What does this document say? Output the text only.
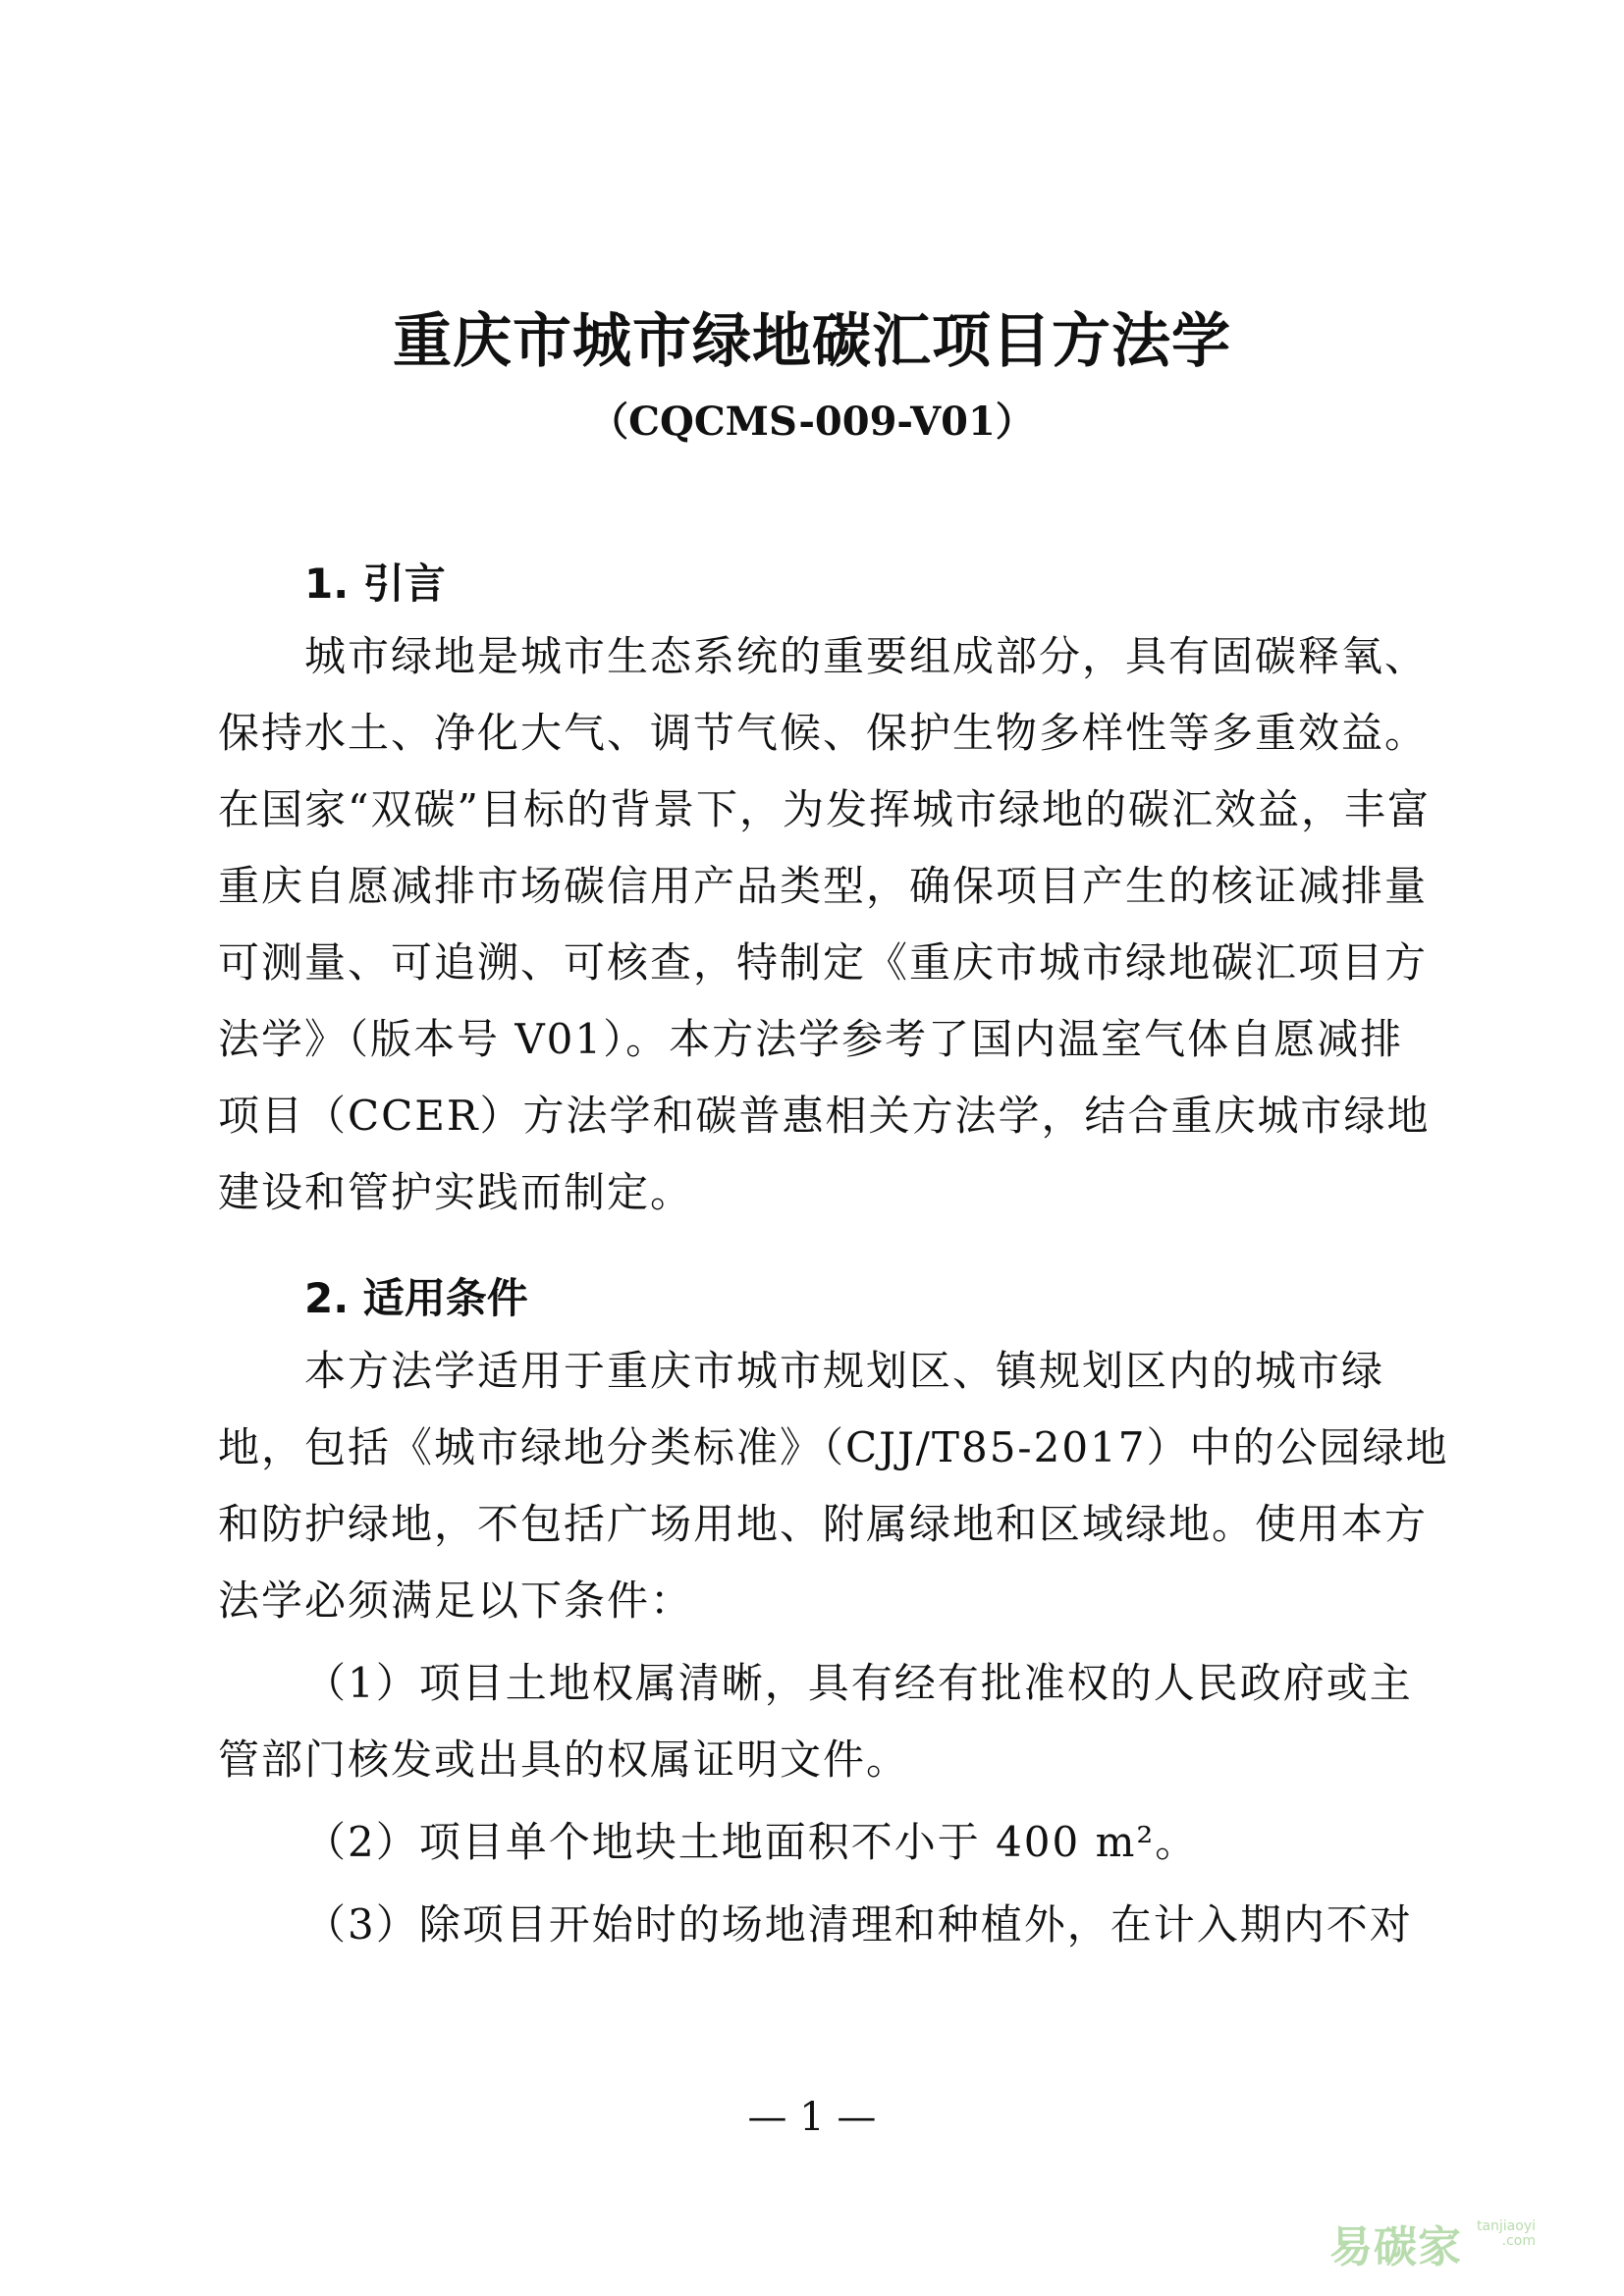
重庆市城市绿地碳汇项目方法学
（CQCMS-009-V01）
1. 引言
城市绿地是城市生态系统的重要组成部分，具有固碳释氧、
保持水土、净化大气、调节气候、保护生物多样性等多重效益。
在国家“双碳”目标的背景下，为发挥城市绿地的碳汇效益，丰富
重庆自愿减排市场碳信用产品类型，确保项目产生的核证减排量
可测量、可追溯、可核查，特制定《重庆市城市绿地碳汇项目方
法学》（版本号 V01）。本方法学参考了国内温室气体自愿减排
项目（CCER）方法学和碳普惠相关方法学，结合重庆城市绿地
建设和管护实践而制定。
2. 适用条件
本方法学适用于重庆市城市规划区、镇规划区内的城市绿
地，包括《城市绿地分类标准》（CJJ/T85-2017）中的公园绿地
和防护绿地，不包括广场用地、附属绿地和区域绿地。使用本方
法学必须满足以下条件：
（1）项目土地权属清晰，具有经有批准权的人民政府或主
管部门核发或出具的权属证明文件。
（2）项目单个地块土地面积不小于 400 m²。
（3）除项目开始时的场地清理和种植外，在计入期内不对
— 1 —
易碳家 tanjiaoyi
.com
